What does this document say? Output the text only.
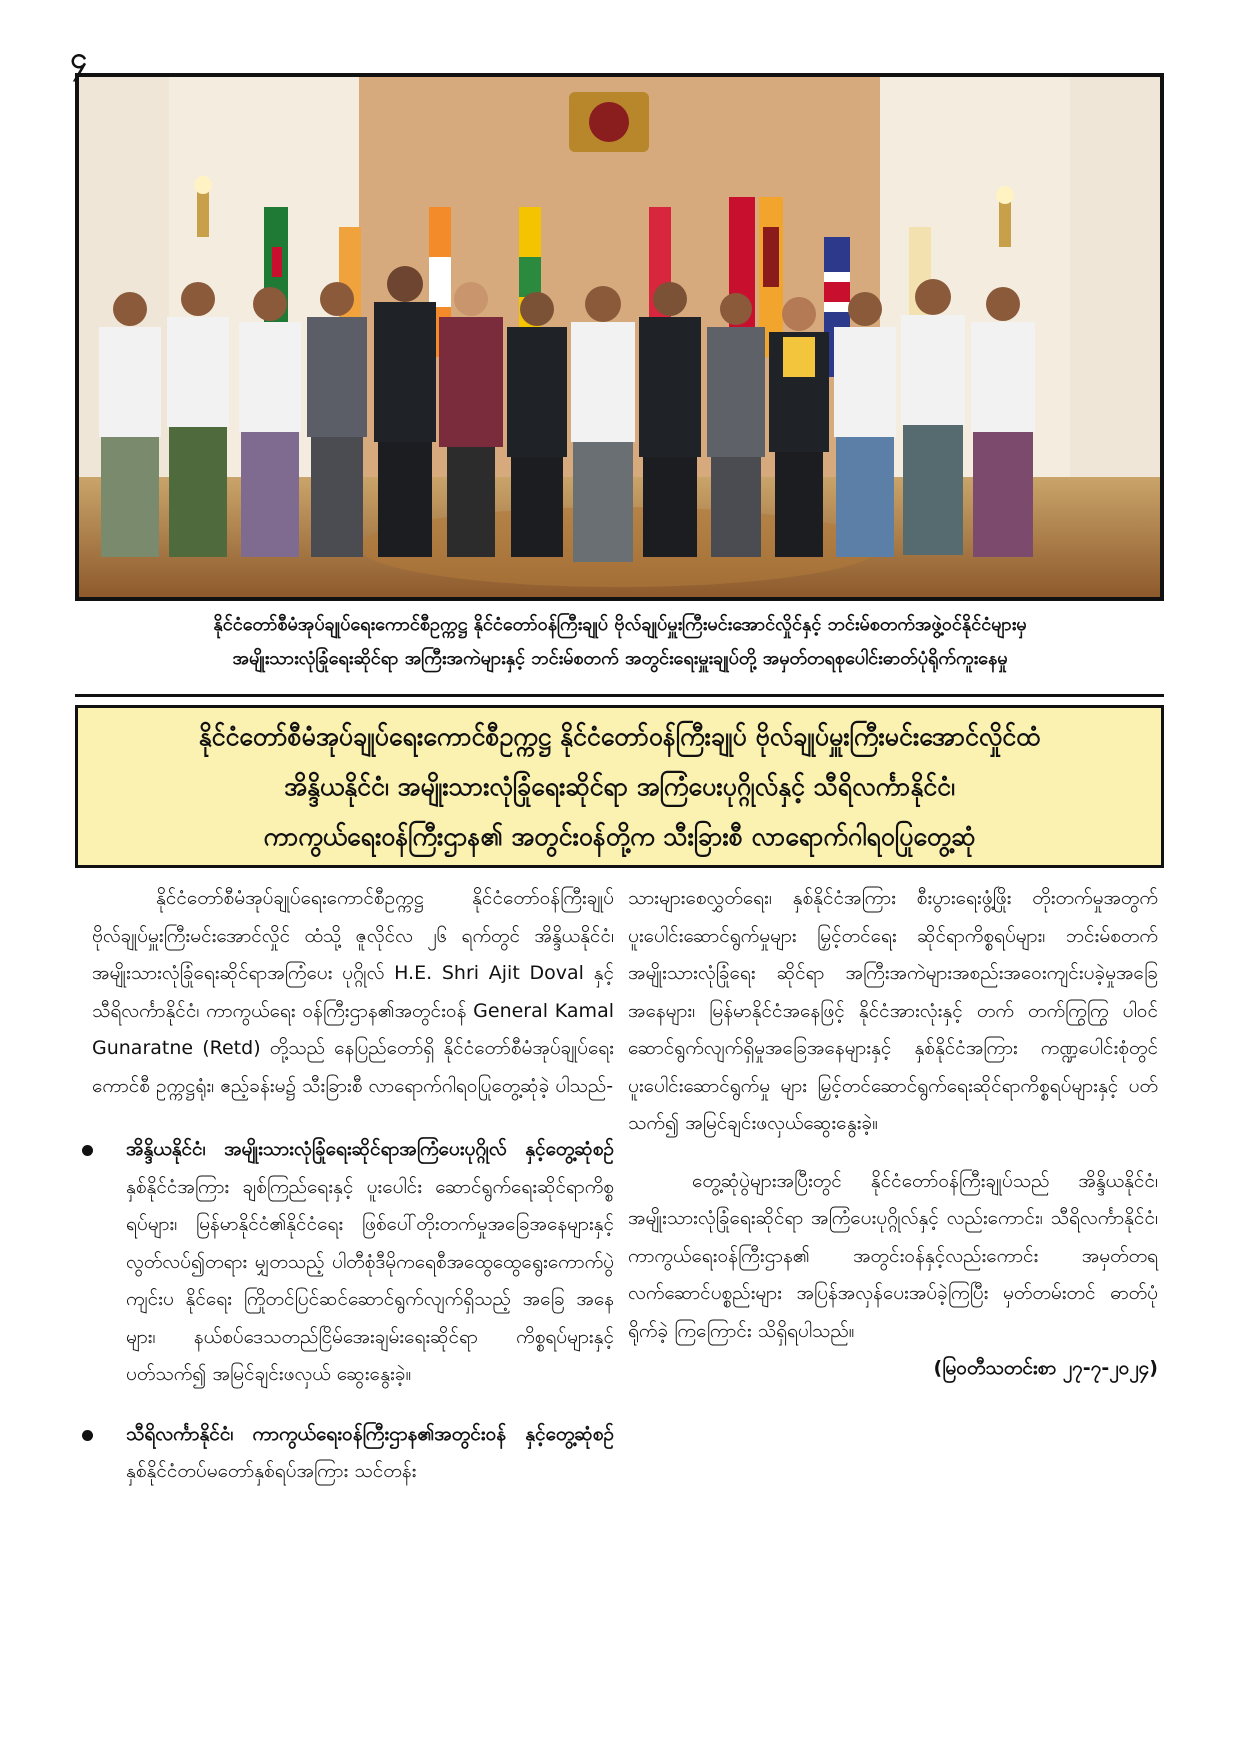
၄

နိုင်ငံတော်စီမံအုပ်ချုပ်ရေးကောင်စီဥက္ကဋ္ဌ နိုင်ငံတော်ဝန်ကြီးချုပ် ဗိုလ်ချုပ်မှူးကြီးမင်းအောင်လှိုင်နှင့် ဘင်းမ်စတက်အဖွဲ့ဝင်နိုင်ငံများမှ

အမျိုးသားလုံခြုံရေးဆိုင်ရာ အကြီးအကဲများနှင့် ဘင်းမ်စတက် အတွင်းရေးမှူးချုပ်တို့ အမှတ်တရစုပေါင်းဓာတ်ပုံရိုက်ကူးနေမှု

နိုင်ငံတော်စီမံအုပ်ချုပ်ရေးကောင်စီဥက္ကဋ္ဌ နိုင်ငံတော်ဝန်ကြီးချုပ် ဗိုလ်ချုပ်မှူးကြီးမင်းအောင်လှိုင်ထံ

အိန္ဒိယနိုင်ငံ၊ အမျိုးသားလုံခြုံရေးဆိုင်ရာ အကြံပေးပုဂ္ဂိုလ်နှင့် သီရိလင်္ကာနိုင်ငံ၊

ကာကွယ်ရေးဝန်ကြီးဌာန၏ အတွင်းဝန်တို့က သီးခြားစီ လာရောက်ဂါရဝပြုတွေ့ဆုံ

နိုင်ငံတော်စီမံအုပ်ချုပ်ရေးကောင်စီဥက္ကဋ္ဌ နိုင်ငံတော်ဝန်ကြီးချုပ် ဗိုလ်ချုပ်မှူးကြီးမင်းအောင်လှိုင် ထံသို့ ဇူလိုင်လ ၂၆ ရက်တွင် အိန္ဒိယနိုင်ငံ၊ အမျိုးသားလုံခြုံရေးဆိုင်ရာအကြံပေး ပုဂ္ဂိုလ် H.E. Shri Ajit Doval နှင့် သီရိလင်္ကာနိုင်ငံ၊ ကာကွယ်ရေး ဝန်ကြီးဌာန၏အတွင်းဝန် General Kamal Gunaratne (Retd) တို့သည် နေပြည်တော်ရှိ နိုင်ငံတော်စီမံအုပ်ချုပ်ရေးကောင်စီ ဥက္ကဋ္ဌရုံး၊ ဧည့်ခန်းမ၌ သီးခြားစီ လာရောက်ဂါရဝပြုတွေ့ဆုံခဲ့ ပါသည်-

အိန္ဒိယနိုင်ငံ၊ အမျိုးသားလုံခြုံရေးဆိုင်ရာအကြံပေးပုဂ္ဂိုလ် နှင့်တွေ့ဆုံစဉ် နှစ်နိုင်ငံအကြား ချစ်ကြည်ရေးနှင့် ပူးပေါင်း ဆောင်ရွက်ရေးဆိုင်ရာကိစ္စရပ်များ၊ မြန်မာနိုင်ငံ၏နိုင်ငံရေး ဖြစ်ပေါ်တိုးတက်မှုအခြေအနေများနှင့် လွတ်လပ်၍တရား မျှတသည့် ပါတီစုံဒီမိုကရေစီအထွေထွေရွေးကောက်ပွဲကျင်းပ နိုင်ရေး ကြိုတင်ပြင်ဆင်ဆောင်ရွက်လျက်ရှိသည့် အခြေ အနေများ၊ နယ်စပ်ဒေသတည်ငြိမ်အေးချမ်းရေးဆိုင်ရာ ကိစ္စရပ်များနှင့်ပတ်သက်၍ အမြင်ချင်းဖလှယ် ဆွေးနွေးခဲ့။
သီရိလင်္ကာနိုင်ငံ၊ ကာကွယ်ရေးဝန်ကြီးဌာန၏အတွင်းဝန် နှင့်တွေ့ဆုံစဉ် နှစ်နိုင်ငံတပ်မတော်နှစ်ရပ်အကြား သင်တန်း

သားများစေလွှတ်ရေး၊ နှစ်နိုင်ငံအကြား စီးပွားရေးဖွံ့ဖြိုး တိုးတက်မှုအတွက် ပူးပေါင်းဆောင်ရွက်မှုများ မြှင့်တင်ရေး ဆိုင်ရာကိစ္စရပ်များ၊ ဘင်းမ်စတက်အမျိုးသားလုံခြုံရေး ဆိုင်ရာ အကြီးအကဲများအစည်းအဝေးကျင်းပခဲ့မှုအခြေ အနေများ၊ မြန်မာနိုင်ငံအနေဖြင့် နိုင်ငံအားလုံးနှင့် တက် တက်ကြွကြွ ပါဝင်ဆောင်ရွက်လျက်ရှိမှုအခြေအနေများနှင့် နှစ်နိုင်ငံအကြား ကဏ္ဍပေါင်းစုံတွင် ပူးပေါင်းဆောင်ရွက်မှု များ မြှင့်တင်ဆောင်ရွက်ရေးဆိုင်ရာကိစ္စရပ်များနှင့် ပတ် သက်၍ အမြင်ချင်းဖလှယ်ဆွေးနွေးခဲ့။

တွေ့ဆုံပွဲများအပြီးတွင် နိုင်ငံတော်ဝန်ကြီးချုပ်သည် အိန္ဒိယနိုင်ငံ၊ အမျိုးသားလုံခြုံရေးဆိုင်ရာ အကြံပေးပုဂ္ဂိုလ်နှင့် လည်းကောင်း၊ သီရိလင်္ကာနိုင်ငံ၊ ကာကွယ်ရေးဝန်ကြီးဌာန၏ အတွင်းဝန်နှင့်လည်းကောင်း အမှတ်တရလက်ဆောင်ပစ္စည်းများ အပြန်အလှန်ပေးအပ်ခဲ့ကြပြီး မှတ်တမ်းတင် ဓာတ်ပုံရိုက်ခဲ့ ကြကြောင်း သိရှိရပါသည်။

(မြဝတီသတင်းစာ ၂၇-၇-၂၀၂၄)
